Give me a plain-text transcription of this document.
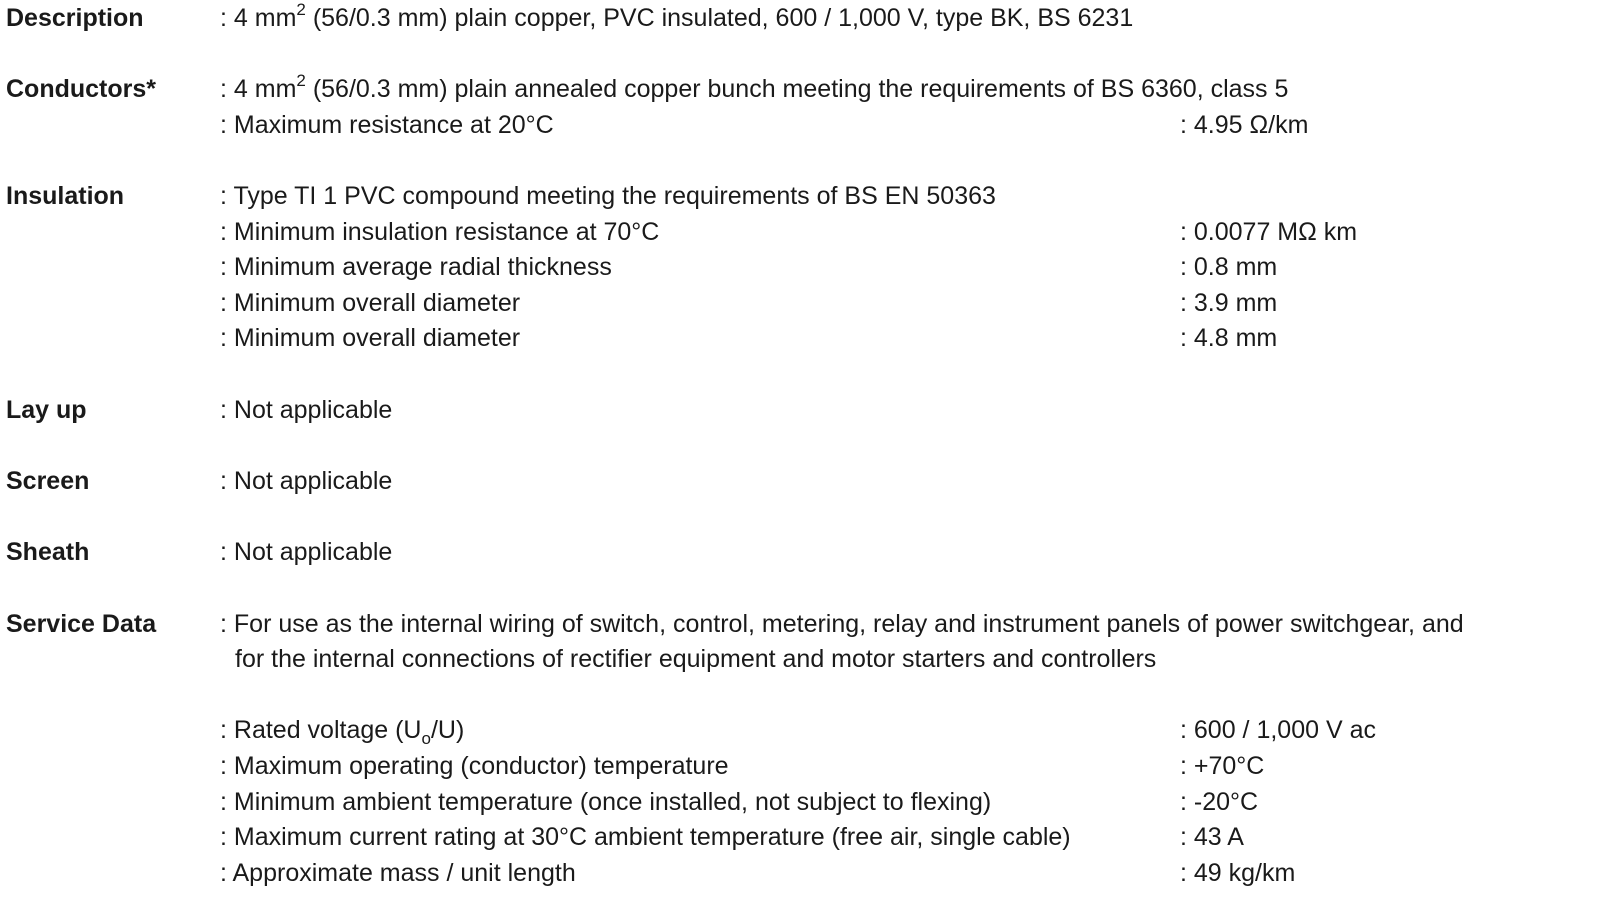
Description	: 4 $mm^2$ (56/0.3 mm) plain copper, PVC insulated, 600 / 1,000 V, type BK, BS 6231
Conductors*	: 4 $mm^2$ (56/0.3 mm) plain annealed copper bunch meeting the requirements of BS 6360, class 5
: Maximum resistance at 20°C	: 4.95 Ω/km
Insulation	: Type TI 1 PVC compound meeting the requirements of BS EN 50363
: Minimum insulation resistance at 70°C	: 0.0077 MΩ km
: Minimum average radial thickness	: 0.8 mm
: Minimum overall diameter	: 3.9 mm
: Minimum overall diameter	: 4.8 mm
Lay up	: Not applicable
Screen	: Not applicable
Sheath	: Not applicable
Service Data	: For use as the internal wiring of switch, control, metering, relay and instrument panels of power switchgear, and
for the internal connections of rectifier equipment and motor starters and controllers
: Rated voltage $(U_o/U)$	: 600 / 1,000 V ac
: Maximum operating (conductor) temperature	: +70°C
: Minimum ambient temperature (once installed, not subject to flexing)	: -20°C
: Maximum current rating at 30°C ambient temperature (free air, single cable)	: 43 A
: Approximate mass / unit length	: 49 kg/km
